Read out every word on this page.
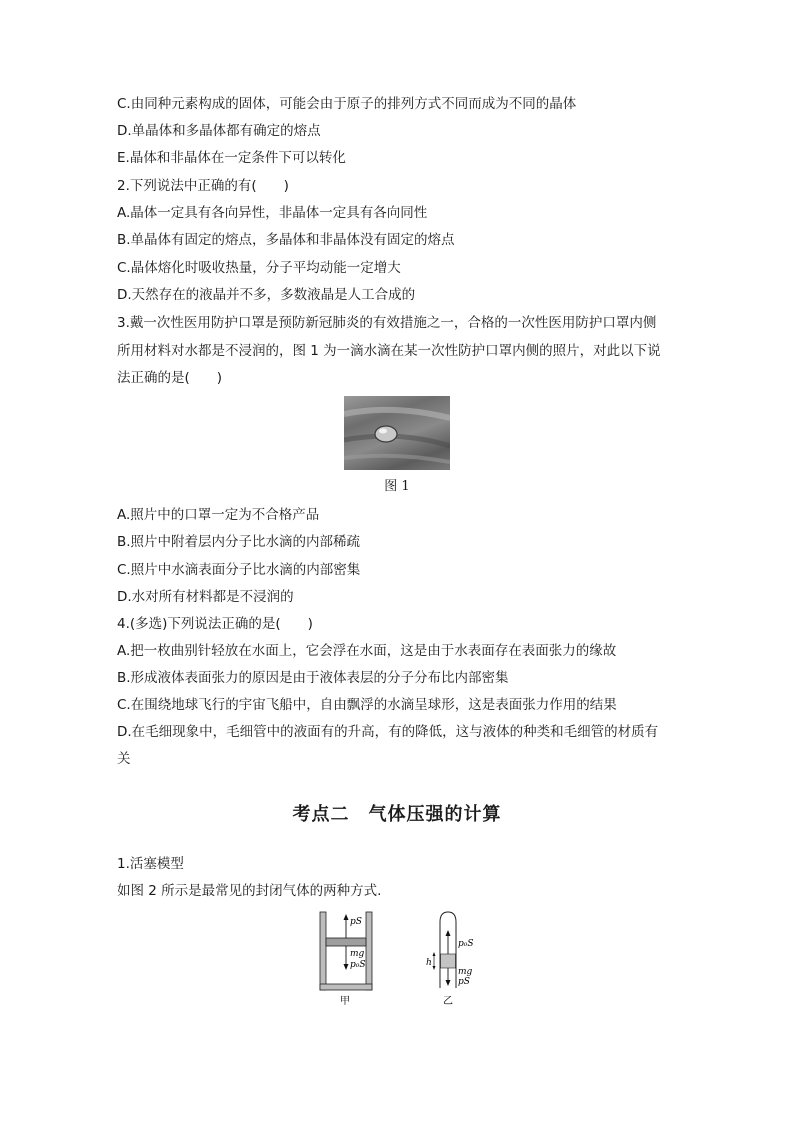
C.由同种元素构成的固体，可能会由于原子的排列方式不同而成为不同的晶体
D.单晶体和多晶体都有确定的熔点
E.晶体和非晶体在一定条件下可以转化
2.下列说法中正确的有(　　)
A.晶体一定具有各向异性，非晶体一定具有各向同性
B.单晶体有固定的熔点，多晶体和非晶体没有固定的熔点
C.晶体熔化时吸收热量，分子平均动能一定增大
D.天然存在的液晶并不多，多数液晶是人工合成的
3.戴一次性医用防护口罩是预防新冠肺炎的有效措施之一，合格的一次性医用防护口罩内侧
所用材料对水都是不浸润的，图 1 为一滴水滴在某一次性防护口罩内侧的照片，对此以下说
法正确的是(　　)
图 1
A.照片中的口罩一定为不合格产品
B.照片中附着层内分子比水滴的内部稀疏
C.照片中水滴表面分子比水滴的内部密集
D.水对所有材料都是不浸润的
4.(多选)下列说法正确的是(　　)
A.把一枚曲别针轻放在水面上，它会浮在水面，这是由于水表面存在表面张力的缘故
B.形成液体表面张力的原因是由于液体表层的分子分布比内部密集
C.在围绕地球飞行的宇宙飞船中，自由飘浮的水滴呈球形，这是表面张力作用的结果
D.在毛细现象中，毛细管中的液面有的升高，有的降低，这与液体的种类和毛细管的材质有
关
考点二　气体压强的计算
1.活塞模型
如图 2 所示是最常见的封闭气体的两种方式.
pS
mg
p₀S
甲
h
p₀S
mg
pS
乙
